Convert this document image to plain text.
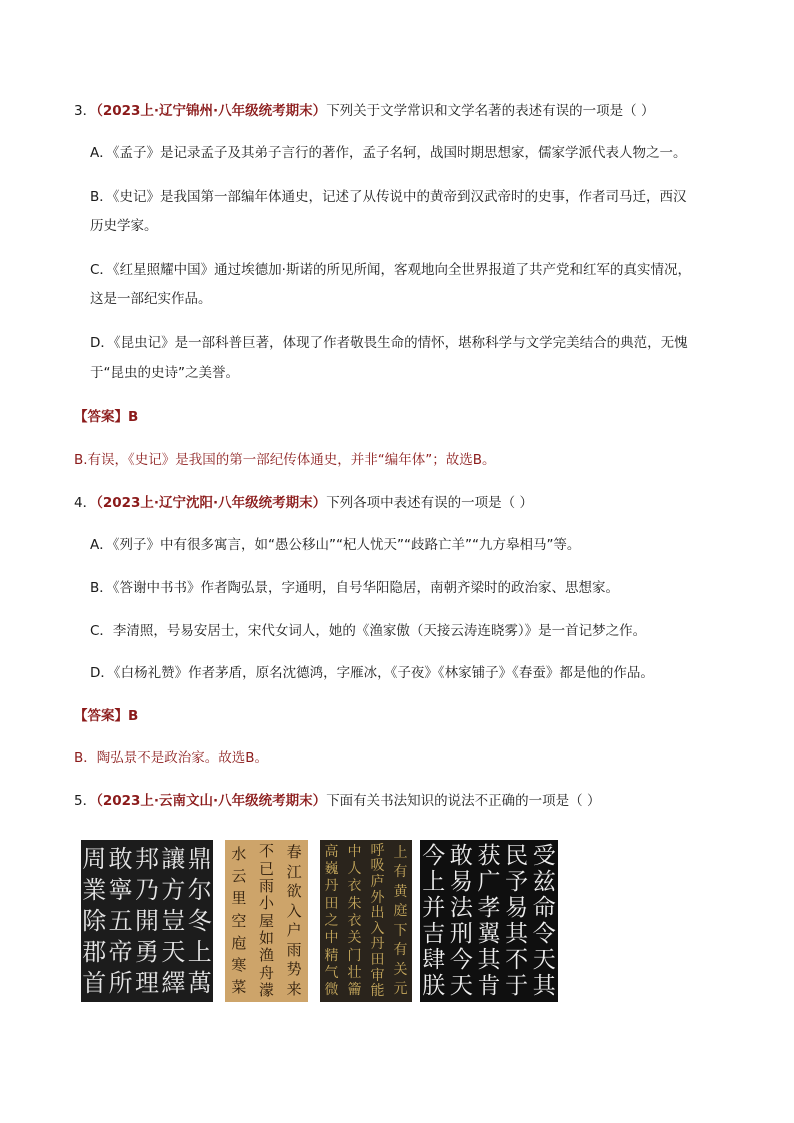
3．（2023上·辽宁锦州·八年级统考期末）下列关于文学常识和文学名著的表述有误的一项是（ ）
A．《孟子》是记录孟子及其弟子言行的著作，孟子名轲，战国时期思想家，儒家学派代表人物之一。
B．《史记》是我国第一部编年体通史，记述了从传说中的黄帝到汉武帝时的史事，作者司马迁，西汉
历史学家。
C．《红星照耀中国》通过埃德加·斯诺的所见所闻，客观地向全世界报道了共产党和红军的真实情况，
这是一部纪实作品。
D．《昆虫记》是一部科普巨著，体现了作者敬畏生命的情怀，堪称科学与文学完美结合的典范，无愧
于“昆虫的史诗”之美誉。
【答案】B
B.有误，《史记》是我国的第一部纪传体通史，并非“编年体”；故选B。
4．（2023上·辽宁沈阳·八年级统考期末）下列各项中表述有误的一项是（ ）
A．《列子》中有很多寓言，如“愚公移山”“杞人忧天”“歧路亡羊”“九方皋相马”等。
B．《答谢中书书》作者陶弘景，字通明，自号华阳隐居，南朝齐梁时的政治家、思想家。
C．李清照，号易安居士，宋代女词人，她的《渔家傲（天接云涛连晓雾）》是一首记梦之作。
D．《白杨礼赞》作者茅盾，原名沈德鸿，字雁冰，《子夜》《林家铺子》《春蚕》都是他的作品。
【答案】B
B．陶弘景不是政治家。故选B。
5．（2023上·云南文山·八年级统考期末）下面有关书法知识的说法不正确的一项是（ ）
鼎
尔
冬
上
萬
讓
方
豈
天
繹
邦
乃
開
勇
理
敢
寧
五
帝
所
周
業
除
郡
首
春
江
欲
入
户
雨
势
来
不
已
雨
小
屋
如
渔
舟
濛
水
云
里
空
庖
寒
菜
上
有
黄
庭
下
有
关
元
呼
吸
庐
外
出
入
丹
田
审
能
中
人
衣
朱
衣
关
门
壮
籥
高
巍
丹
田
之
中
精
气
微
受
兹
命
令
天
其
民
予
易
其
不
于
获
广
孝
翼
其
肯
敢
易
法
刑
今
天
今
上
并
吉
肆
朕
